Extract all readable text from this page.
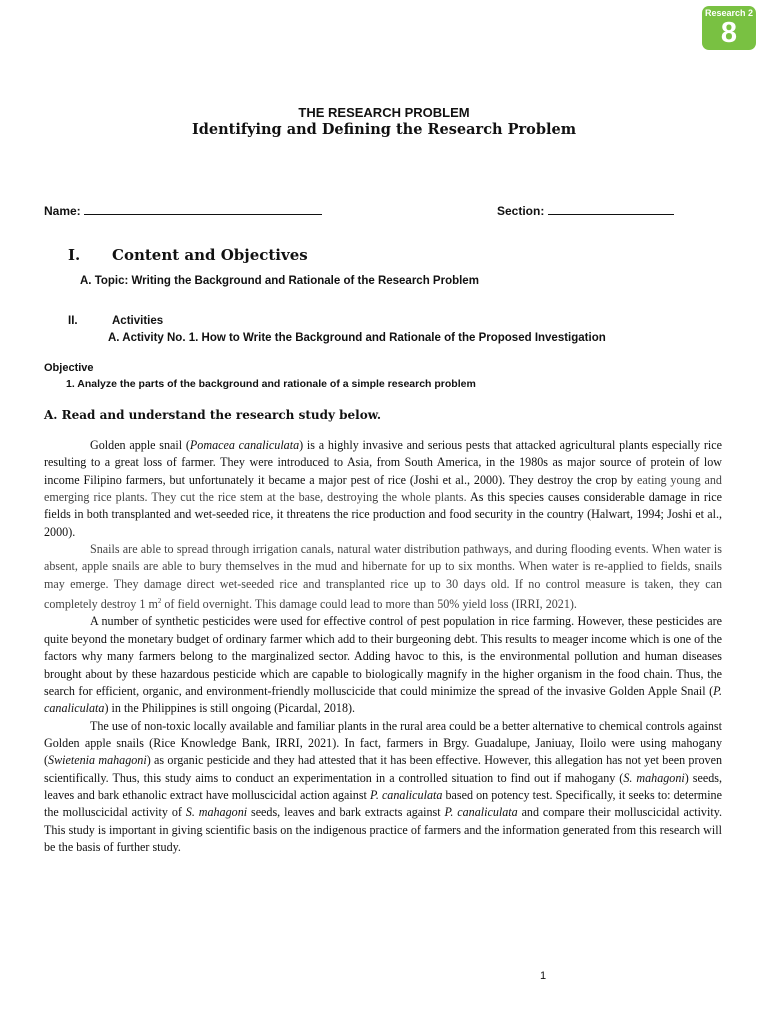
Research 2
8
THE RESEARCH PROBLEM
Identifying and Defining the Research Problem
Name:	Section:
I. Content and Objectives
A. Topic: Writing the Background and Rationale of the Research Problem
II.	Activities
A. Activity No. 1. How to Write the Background and Rationale of the Proposed Investigation
Objective
1. Analyze the parts of the background and rationale of a simple research problem
A. Read and understand the research study below.

Golden apple snail (Pomacea canaliculata) is a highly invasive and serious pests that attacked agricultural plants especially rice resulting to a great loss of farmer. They were introduced to Asia, from South America, in the 1980s as major source of protein of low income Filipino farmers, but unfortunately it became a major pest of rice (Joshi et al., 2000). They destroy the crop by eating young and emerging rice plants. They cut the rice stem at the base, destroying the whole plants. As this species causes considerable damage in rice fields in both transplanted and wet-seeded rice, it threatens the rice production and food security in the country (Halwart, 1994; Joshi et al., 2000).

Snails are able to spread through irrigation canals, natural water distribution pathways, and during flooding events. When water is absent, apple snails are able to bury themselves in the mud and hibernate for up to six months. When water is re-applied to fields, snails may emerge. They damage direct wet-seeded rice and transplanted rice up to 30 days old. If no control measure is taken, they can completely destroy 1 $m^2$ of field overnight. This damage could lead to more than 50% yield loss (IRRI, 2021).

A number of synthetic pesticides were used for effective control of pest population in rice farming. However, these pesticides are quite beyond the monetary budget of ordinary farmer which add to their burgeoning debt. This results to meager income which is one of the factors why many farmers belong to the marginalized sector. Adding havoc to this, is the environmental pollution and human diseases brought about by these hazardous pesticide which are capable to biologically magnify in the higher organism in the food chain. Thus, the search for efficient, organic, and environment-friendly molluscicide that could minimize the spread of the invasive Golden Apple Snail (P. canaliculata) in the Philippines is still ongoing (Picardal, 2018).

The use of non-toxic locally available and familiar plants in the rural area could be a better alternative to chemical controls against Golden apple snails (Rice Knowledge Bank, IRRI, 2021). In fact, farmers in Brgy. Guadalupe, Janiuay, Iloilo were using mahogany (Swietenia mahagoni) as organic pesticide and they had attested that it has been effective. However, this allegation has not yet been proven scientifically. Thus, this study aims to conduct an experimentation in a controlled situation to find out if mahogany (S. mahagoni) seeds, leaves and bark ethanolic extract have molluscicidal action against P. canaliculata based on potency test. Specifically, it seeks to: determine the molluscicidal activity of S. mahagoni seeds, leaves and bark extracts against P. canaliculata and compare their molluscicidal activity. This study is important in giving scientific basis on the indigenous practice of farmers and the information generated from this research will be the basis of further study.

1
